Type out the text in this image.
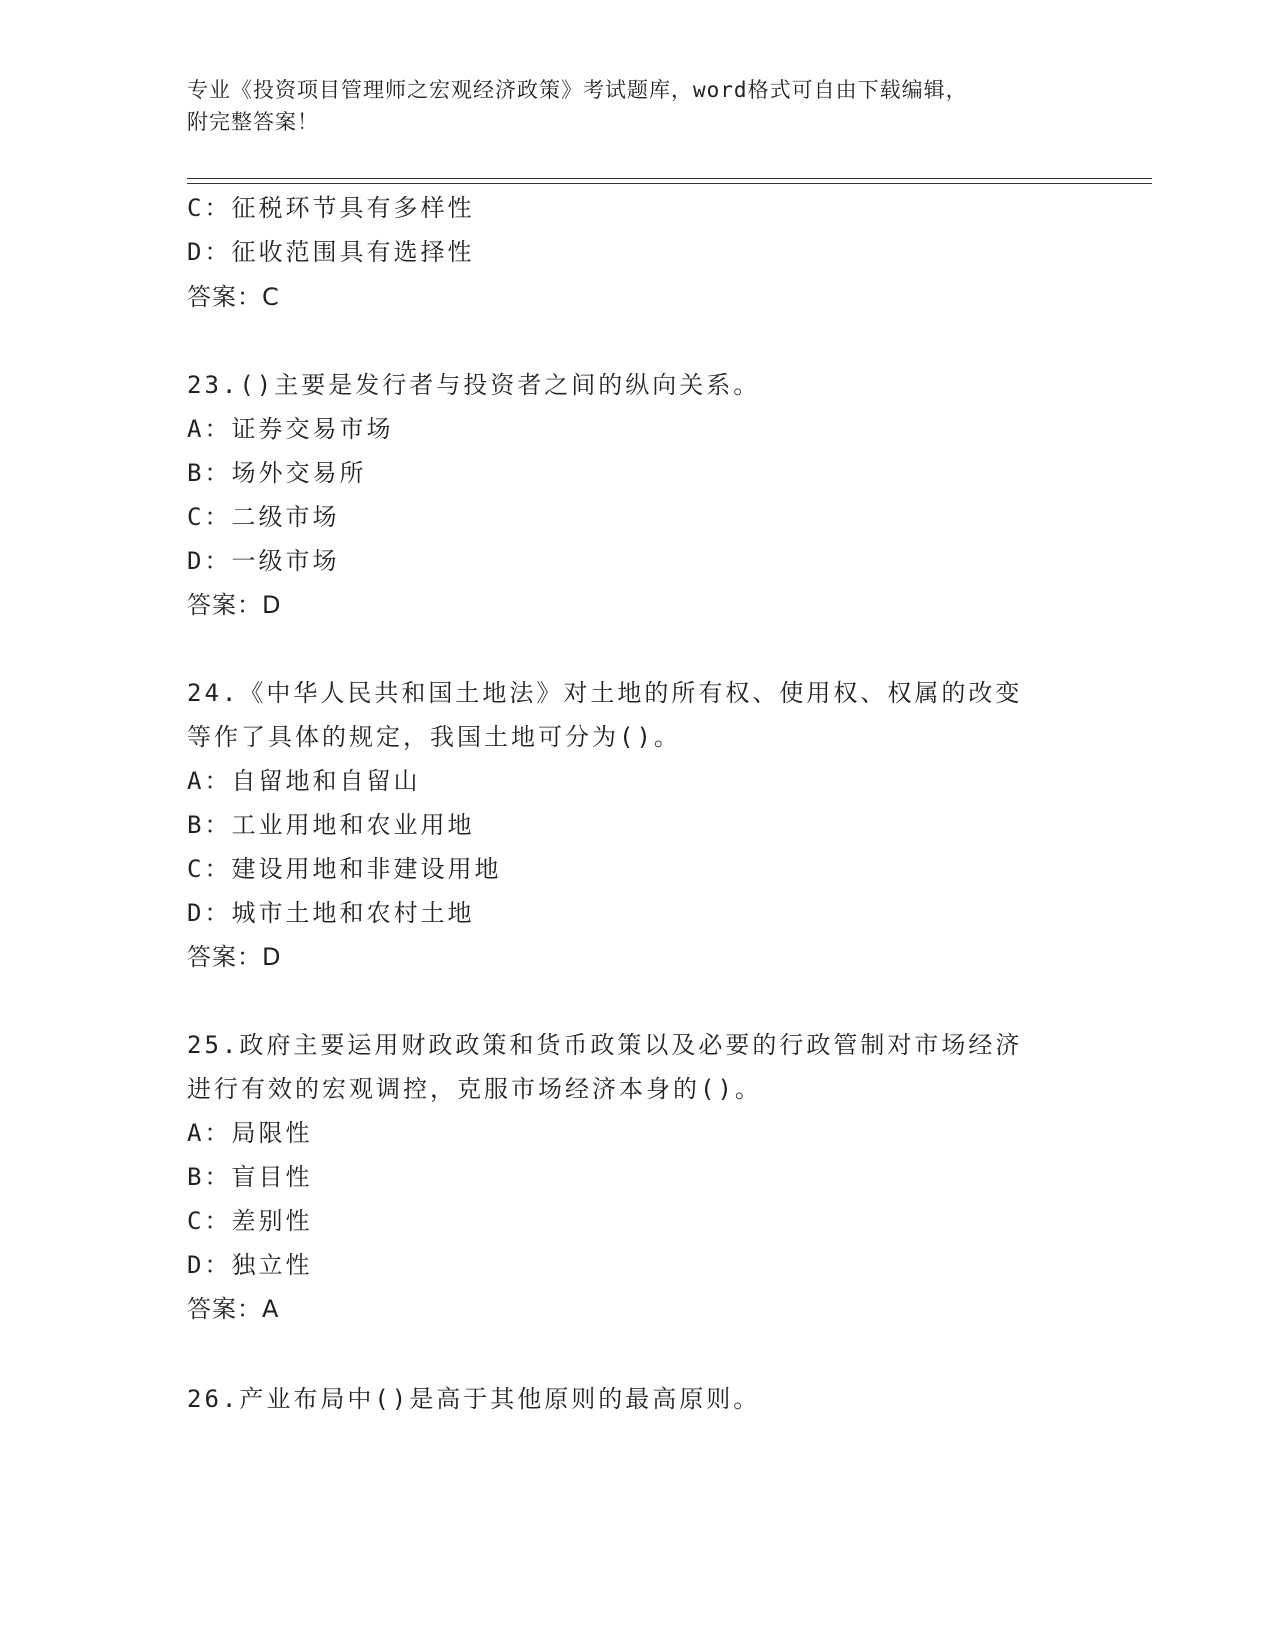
专业《投资项目管理师之宏观经济政策》考试题库，word格式可自由下载编辑，
附完整答案！
C：征税环节具有多样性
D：征收范围具有选择性
答案：C
23.()主要是发行者与投资者之间的纵向关系。
A：证券交易市场
B：场外交易所
C：二级市场
D：一级市场
答案：D
24.《中华人民共和国土地法》对土地的所有权、使用权、权属的改变
等作了具体的规定，我国土地可分为()。
A：自留地和自留山
B：工业用地和农业用地
C：建设用地和非建设用地
D：城市土地和农村土地
答案：D
25.政府主要运用财政政策和货币政策以及必要的行政管制对市场经济
进行有效的宏观调控，克服市场经济本身的()。
A：局限性
B：盲目性
C：差别性
D：独立性
答案：A
26.产业布局中()是高于其他原则的最高原则。
